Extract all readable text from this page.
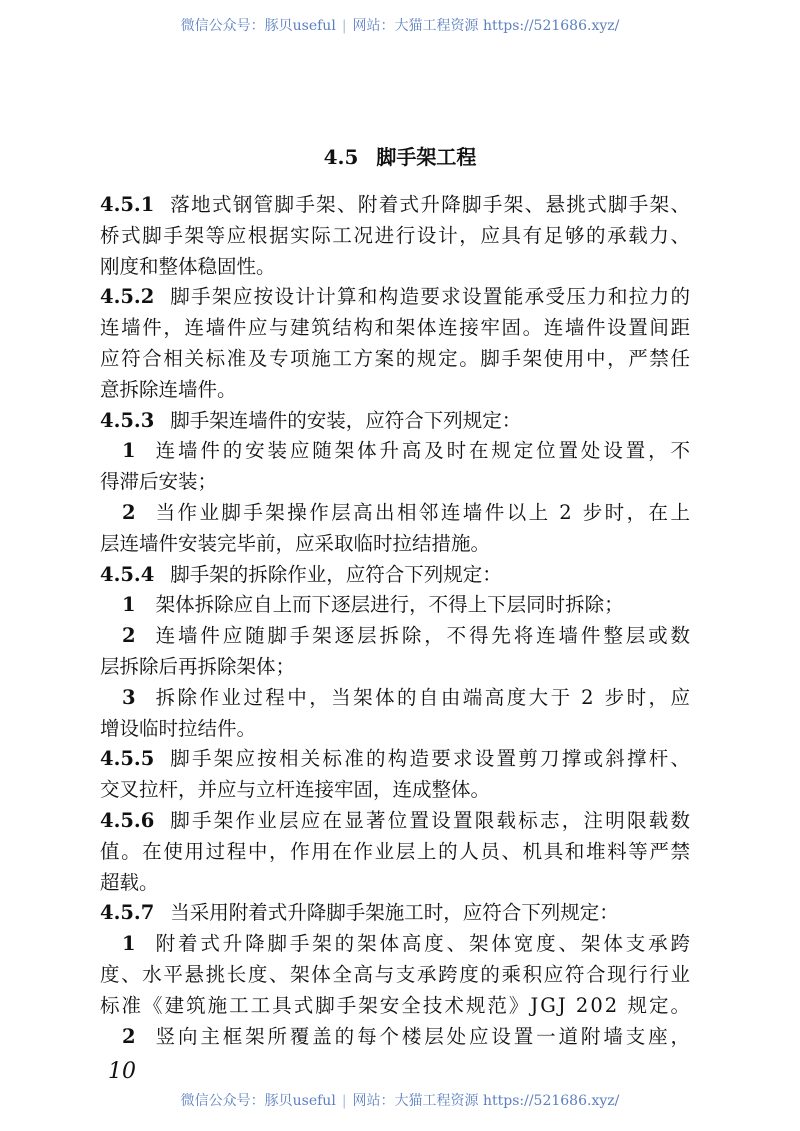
微信公众号：豚贝useful | 网站：大猫工程资源 https://521686.xyz/
4.5 脚手架工程
4.5.1 落地式钢管脚手架、附着式升降脚手架、悬挑式脚手架、
桥式脚手架等应根据实际工况进行设计，应具有足够的承载力、
刚度和整体稳固性。
4.5.2 脚手架应按设计计算和构造要求设置能承受压力和拉力的
连墙件，连墙件应与建筑结构和架体连接牢固。连墙件设置间距
应符合相关标准及专项施工方案的规定。脚手架使用中，严禁任
意拆除连墙件。
4.5.3 脚手架连墙件的安装，应符合下列规定：
1 连墙件的安装应随架体升高及时在规定位置处设置，不
得滞后安装；
2 当作业脚手架操作层高出相邻连墙件以上 2 步时，在上
层连墙件安装完毕前，应采取临时拉结措施。
4.5.4 脚手架的拆除作业，应符合下列规定：
1 架体拆除应自上而下逐层进行，不得上下层同时拆除；
2 连墙件应随脚手架逐层拆除，不得先将连墙件整层或数
层拆除后再拆除架体；
3 拆除作业过程中，当架体的自由端高度大于 2 步时，应
增设临时拉结件。
4.5.5 脚手架应按相关标准的构造要求设置剪刀撑或斜撑杆、
交叉拉杆，并应与立杆连接牢固，连成整体。
4.5.6 脚手架作业层应在显著位置设置限载标志，注明限载数
值。在使用过程中，作用在作业层上的人员、机具和堆料等严禁
超载。
4.5.7 当采用附着式升降脚手架施工时，应符合下列规定：
1 附着式升降脚手架的架体高度、架体宽度、架体支承跨
度、水平悬挑长度、架体全高与支承跨度的乘积应符合现行行业
标准《建筑施工工具式脚手架安全技术规范》JGJ 202 规定。
2 竖向主框架所覆盖的每个楼层处应设置一道附墙支座，
10
微信公众号：豚贝useful | 网站：大猫工程资源 https://521686.xyz/
